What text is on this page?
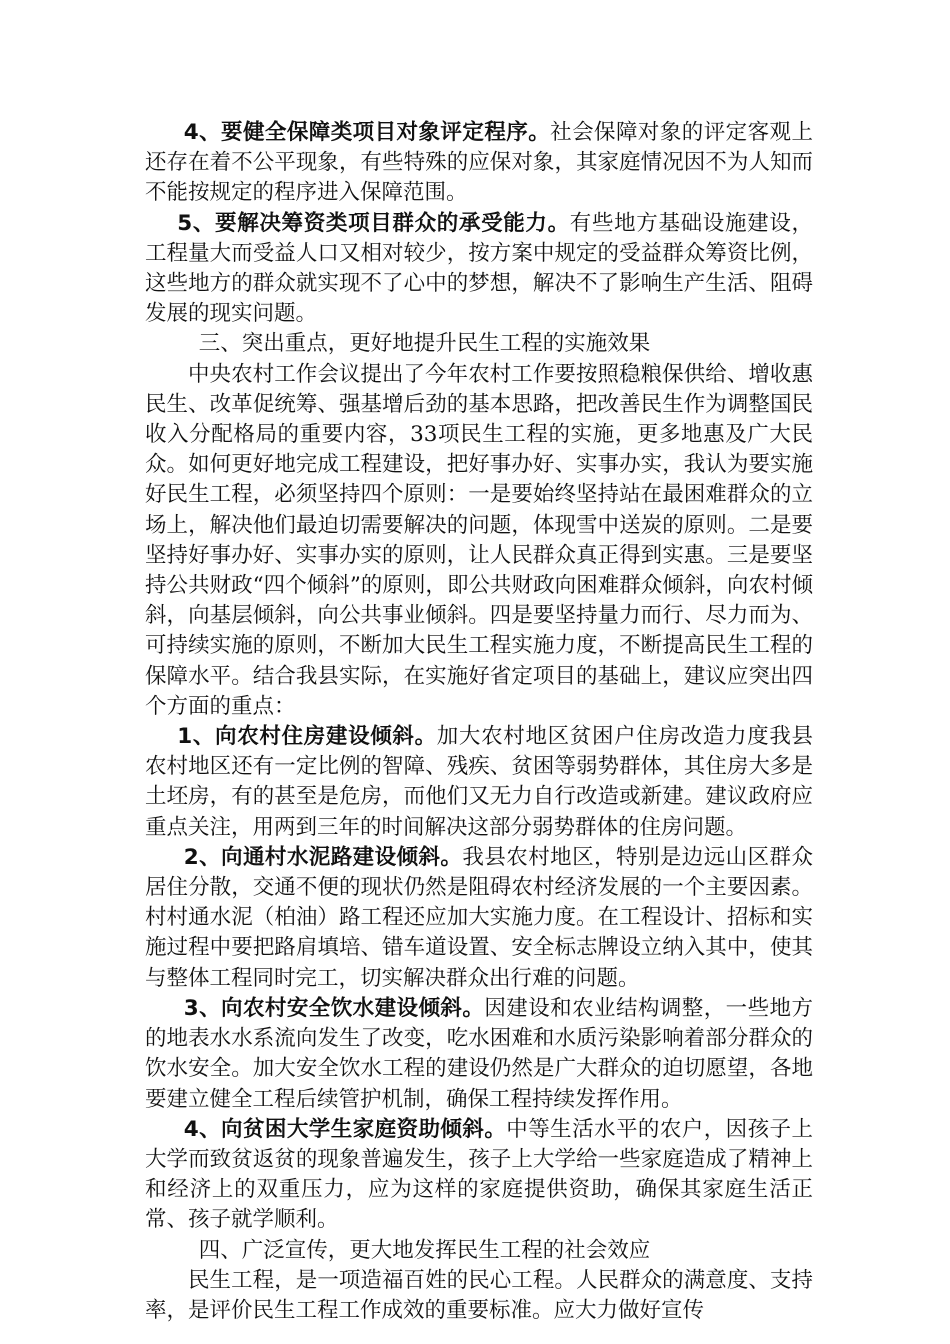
4、要健全保障类项目对象评定程序。社会保障对象的评定客观上还存在着不公平现象，有些特殊的应保对象，其家庭情况因不为人知而不能按规定的程序进入保障范围。

5、要解决筹资类项目群众的承受能力。有些地方基础设施建设，工程量大而受益人口又相对较少，按方案中规定的受益群众筹资比例，这些地方的群众就实现不了心中的梦想，解决不了影响生产生活、阻碍发展的现实问题。

三、突出重点，更好地提升民生工程的实施效果

中央农村工作会议提出了今年农村工作要按照稳粮保供给、增收惠民生、改革促统筹、强基增后劲的基本思路，把改善民生作为调整国民收入分配格局的重要内容，33项民生工程的实施，更多地惠及广大民众。如何更好地完成工程建设，把好事办好、实事办实，我认为要实施好民生工程，必须坚持四个原则：一是要始终坚持站在最困难群众的立场上，解决他们最迫切需要解决的问题，体现雪中送炭的原则。二是要坚持好事办好、实事办实的原则，让人民群众真正得到实惠。三是要坚持公共财政“四个倾斜”的原则，即公共财政向困难群众倾斜，向农村倾斜，向基层倾斜，向公共事业倾斜。四是要坚持量力而行、尽力而为、可持续实施的原则，不断加大民生工程实施力度，不断提高民生工程的保障水平。结合我县实际，在实施好省定项目的基础上，建议应突出四个方面的重点：

1、向农村住房建设倾斜。加大农村地区贫困户住房改造力度我县农村地区还有一定比例的智障、残疾、贫困等弱势群体，其住房大多是土坯房，有的甚至是危房，而他们又无力自行改造或新建。建议政府应重点关注，用两到三年的时间解决这部分弱势群体的住房问题。

2、向通村水泥路建设倾斜。我县农村地区，特别是边远山区群众居住分散，交通不便的现状仍然是阻碍农村经济发展的一个主要因素。村村通水泥（柏油）路工程还应加大实施力度。在工程设计、招标和实施过程中要把路肩填培、错车道设置、安全标志牌设立纳入其中，使其与整体工程同时完工，切实解决群众出行难的问题。

3、向农村安全饮水建设倾斜。因建设和农业结构调整，一些地方的地表水水系流向发生了改变，吃水困难和水质污染影响着部分群众的饮水安全。加大安全饮水工程的建设仍然是广大群众的迫切愿望，各地要建立健全工程后续管护机制，确保工程持续发挥作用。

4、向贫困大学生家庭资助倾斜。中等生活水平的农户，因孩子上大学而致贫返贫的现象普遍发生，孩子上大学给一些家庭造成了精神上和经济上的双重压力，应为这样的家庭提供资助，确保其家庭生活正常、孩子就学顺利。

四、广泛宣传，更大地发挥民生工程的社会效应

民生工程，是一项造福百姓的民心工程。人民群众的满意度、支持率，是评价民生工程工作成效的重要标准。应大力做好宣传
